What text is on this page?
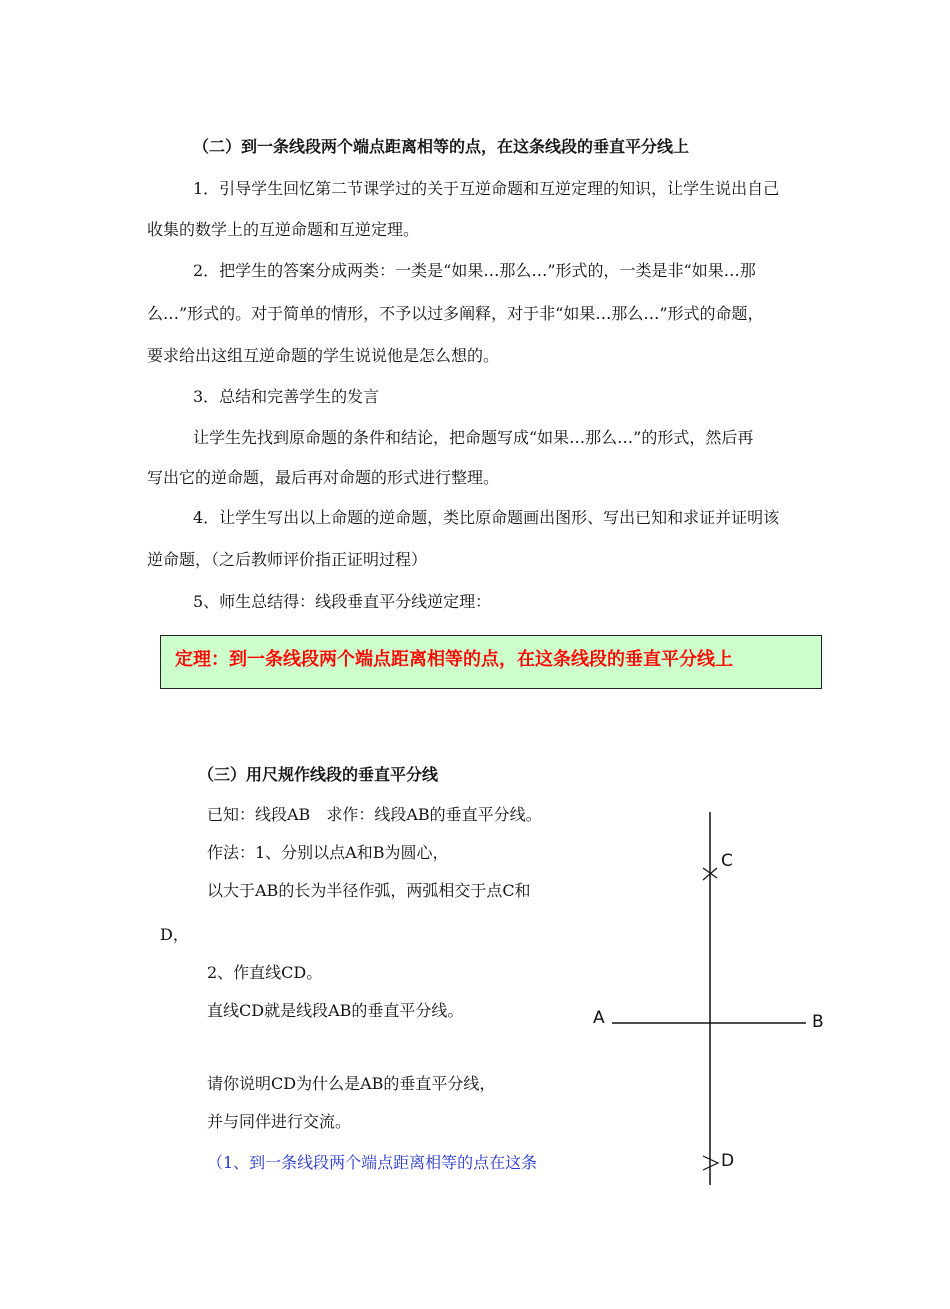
（二）到一条线段两个端点距离相等的点，在这条线段的垂直平分线上
1．引导学生回忆第二节课学过的关于互逆命题和互逆定理的知识，让学生说出自己
收集的数学上的互逆命题和互逆定理。
2．把学生的答案分成两类：一类是“如果…那么…”形式的，一类是非“如果…那
么…”形式的。对于简单的情形，不予以过多阐释，对于非“如果…那么…”形式的命题，
要求给出这组互逆命题的学生说说他是怎么想的。
3．总结和完善学生的发言
让学生先找到原命题的条件和结论，把命题写成“如果…那么…”的形式，然后再
写出它的逆命题，最后再对命题的形式进行整理。
4．让学生写出以上命题的逆命题，类比原命题画出图形、写出已知和求证并证明该
逆命题，（之后教师评价指正证明过程）
5、师生总结得：线段垂直平分线逆定理：
定理：到一条线段两个端点距离相等的点，在这条线段的垂直平分线上
（三）用尺规作线段的垂直平分线
已知：线段AB　求作：线段AB的垂直平分线。
作法：1、分别以点A和B为圆心，
以大于AB的长为半径作弧，两弧相交于点C和
D，
2、作直线CD。
直线CD就是线段AB的垂直平分线。
请你说明CD为什么是AB的垂直平分线，
并与同伴进行交流。
（1、到一条线段两个端点距离相等的点在这条
C
A	B
D
